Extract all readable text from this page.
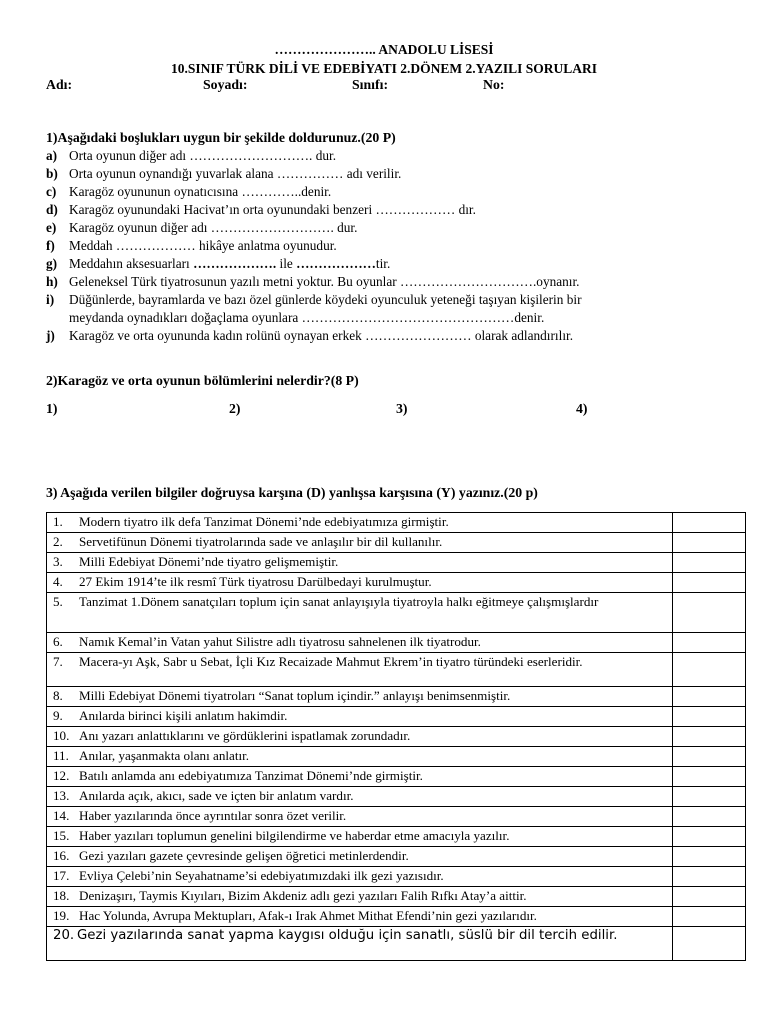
………………….. ANADOLU LİSESİ
10.SINIF TÜRK DİLİ VE EDEBİYATI 2.DÖNEM 2.YAZILI SORULARI
Adı:	Soyadı:	Sınıfı:	No:
1)Aşağıdaki boşlukları uygun bir şekilde doldurunuz.(20 P)
a) Orta oyunun diğer adı ………………………. dur.
b) Orta oyunun oynandığı yuvarlak alana …………… adı verilir.
c) Karagöz oyununun oynatıcısına …………..denir.
d) Karagöz oyunundaki Hacivat’ın orta oyunundaki benzeri ……………… dır.
e) Karagöz oyunun diğer adı ………………………. dur.
f) Meddah ……………… hikâye anlatma oyunudur.
g) Meddahın aksesuarları ………………. ile ………………tir.
h) Geleneksel Türk tiyatrosunun yazılı metni yoktur. Bu oyunlar ………………………….oynanır.
i) Düğünlerde, bayramlarda ve bazı özel günlerde köydeki oyunculuk yeteneği taşıyan kişilerin bir
meydanda oynadıkları doğaçlama oyunlara …………………………………………denir.
j) Karagöz ve orta oyununda kadın rolünü oynayan erkek …………………… olarak adlandırılır.
2)Karagöz ve orta oyunun bölümlerini nelerdir?(8 P)
1)	2)	3)	4)
3) Aşağıda verilen bilgiler doğruysa karşına (D) yanlışsa karşısına (Y) yazınız.(20 p)
1. Modern tiyatro ilk defa Tanzimat Dönemi’nde edebiyatımıza girmiştir.	

2. Servetifünun Dönemi tiyatrolarında sade ve anlaşılır bir dil kullanılır.	

3. Milli Edebiyat Dönemi’nde tiyatro gelişmemiştir.	

4. 27 Ekim 1914’te ilk resmî Türk tiyatrosu Darülbedayi kurulmuştur.	

5. Tanzimat 1.Dönem sanatçıları toplum için sanat anlayışıyla tiyatroyla halkı eğitmeye çalışmışlardır	

6. Namık Kemal’in Vatan yahut Silistre adlı tiyatrosu sahnelenen ilk tiyatrodur.	

7. Macera-yı Aşk, Sabr u Sebat, İçli Kız Recaizade Mahmut Ekrem’in tiyatro türündeki eserleridir.	

8. Milli Edebiyat Dönemi tiyatroları “Sanat toplum içindir.” anlayışı benimsenmiştir.	

9. Anılarda birinci kişili anlatım hakimdir.	

10. Anı yazarı anlattıklarını ve gördüklerini ispatlamak zorundadır.	

11. Anılar, yaşanmakta olanı anlatır.	

12. Batılı anlamda anı edebiyatımıza Tanzimat Dönemi’nde girmiştir.	

13. Anılarda açık, akıcı, sade ve içten bir anlatım vardır.	

14. Haber yazılarında önce ayrıntılar sonra özet verilir.	

15. Haber yazıları toplumun genelini bilgilendirme ve haberdar etme amacıyla yazılır.	

16. Gezi yazıları gazete çevresinde gelişen öğretici metinlerdendir.	

17. Evliya Çelebi’nin Seyahatname’si edebiyatımızdaki ilk gezi yazısıdır.	

18. Denizaşırı, Taymis Kıyıları, Bizim Akdeniz adlı gezi yazıları Falih Rıfkı Atay’a aittir.	

19. Hac Yolunda, Avrupa Mektupları, Afak-ı Irak Ahmet Mithat Efendi’nin gezi yazılarıdır.	

20. Gezi yazılarında sanat yapma kaygısı olduğu için sanatlı, süslü bir dil tercih edilir.	
